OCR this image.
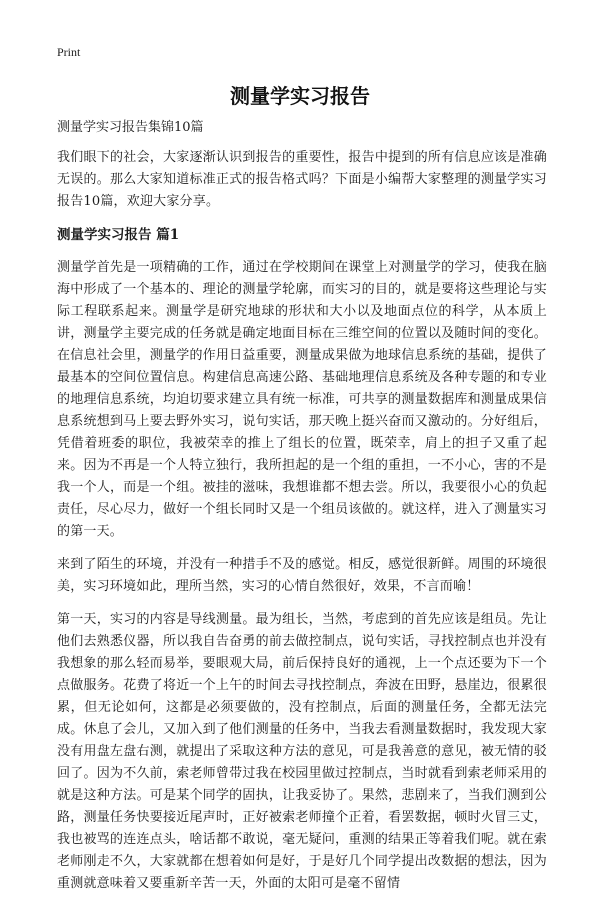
Print
测量学实习报告
测量学实习报告集锦10篇

我们眼下的社会，大家逐渐认识到报告的重要性，报告中提到的所有信息应该是准确无误的。那么大家知道标准正式的报告格式吗？下面是小编帮大家整理的测量学实习报告10篇，欢迎大家分享。

测量学实习报告 篇1

测量学首先是一项精确的工作，通过在学校期间在课堂上对测量学的学习，使我在脑海中形成了一个基本的、理论的测量学轮廓，而实习的目的，就是要将这些理论与实际工程联系起来。测量学是研究地球的形状和大小以及地面点位的科学，从本质上讲，测量学主要完成的任务就是确定地面目标在三维空间的位置以及随时间的变化。在信息社会里，测量学的作用日益重要，测量成果做为地球信息系统的基础，提供了最基本的空间位置信息。构建信息高速公路、基础地理信息系统及各种专题的和专业的地理信息系统，均迫切要求建立具有统一标准，可共享的测量数据库和测量成果信息系统想到马上要去野外实习，说句实话，那天晚上挺兴奋而又激动的。分好组后，凭借着班委的职位，我被荣幸的推上了组长的位置，既荣幸，肩上的担子又重了起来。因为不再是一个人特立独行，我所担起的是一个组的重担，一不小心，害的不是我一个人，而是一个组。被挂的滋味，我想谁都不想去尝。所以，我要很小心的负起责任，尽心尽力，做好一个组长同时又是一个组员该做的。就这样，进入了测量实习的第一天。

来到了陌生的环境，并没有一种措手不及的感觉。相反，感觉很新鲜。周围的环境很美，实习环境如此，理所当然，实习的心情自然很好，效果，不言而喻！

第一天，实习的内容是导线测量。最为组长，当然，考虑到的首先应该是组员。先让他们去熟悉仪器，所以我自告奋勇的前去做控制点，说句实话，寻找控制点也并没有我想象的那么轻而易举，要眼观大局，前后保持良好的通视，上一个点还要为下一个点做服务。花费了将近一个上午的时间去寻找控制点，奔波在田野，悬崖边，很累很累，但无论如何，这都是必须要做的，没有控制点，后面的测量任务，全都无法完成。休息了会儿，又加入到了他们测量的任务中，当我去看测量数据时，我发现大家没有用盘左盘右测，就提出了采取这种方法的意见，可是我善意的意见，被无情的驳回了。因为不久前，索老师曾带过我在校园里做过控制点，当时就看到索老师采用的就是这种方法。可是某个同学的固执，让我妥协了。果然，悲剧来了，当我们测到公路，测量任务快要接近尾声时，正好被索老师撞个正着，看罢数据，顿时火冒三丈，我也被骂的连连点头，啥话都不敢说，毫无疑问，重测的结果正等着我们呢。就在索老师刚走不久，大家就都在想着如何是好，于是好几个同学提出改数据的想法，因为重测就意味着又要重新辛苦一天，外面的太阳可是毫不留情
